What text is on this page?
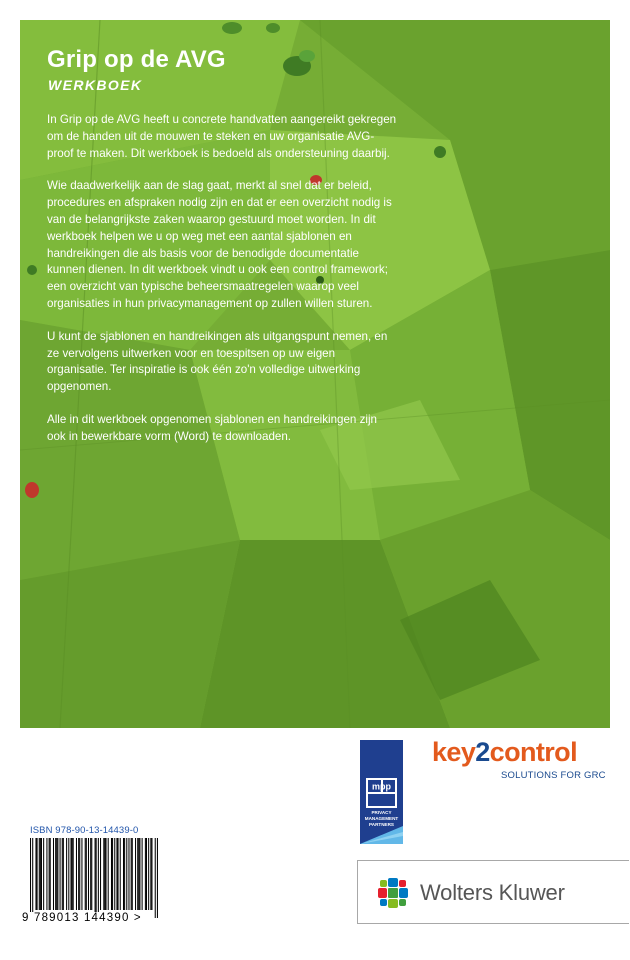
Grip op de AVG
WERKBOEK

In Grip op de AVG heeft u concrete handvatten aangereikt gekregen om de handen uit de mouwen te steken en uw organisatie AVG-proof te maken. Dit werkboek is bedoeld als ondersteuning daarbij.

Wie daadwerkelijk aan de slag gaat, merkt al snel dat er beleid, procedures en afspraken nodig zijn en dat er een overzicht nodig is van de belangrijkste zaken waarop gestuurd moet worden. In dit werkboek helpen we u op weg met een aantal sjablonen en handreikingen die als basis voor de benodigde documentatie kunnen dienen. In dit werkboek vindt u ook een control framework; een overzicht van typische beheersmaatregelen waarop veel organisaties in hun privacymanagement op zullen willen sturen.

U kunt de sjablonen en handreikingen als uitgangspunt nemen, en ze vervolgens uitwerken voor en toespitsen op uw eigen organisatie. Ter inspiratie is ook één zo'n volledige uitwerking opgenomen.

Alle in dit werkboek opgenomen sjablonen en handreikingen zijn ook in bewerkbare vorm (Word) te downloaden.

mpp
PRIVACY
MANAGEMENT
PARTNERS
key2control
SOLUTIONS FOR GRC
ISBN 978-90-13-14439-0
9 789013 144390 >
Wolters Kluwer
